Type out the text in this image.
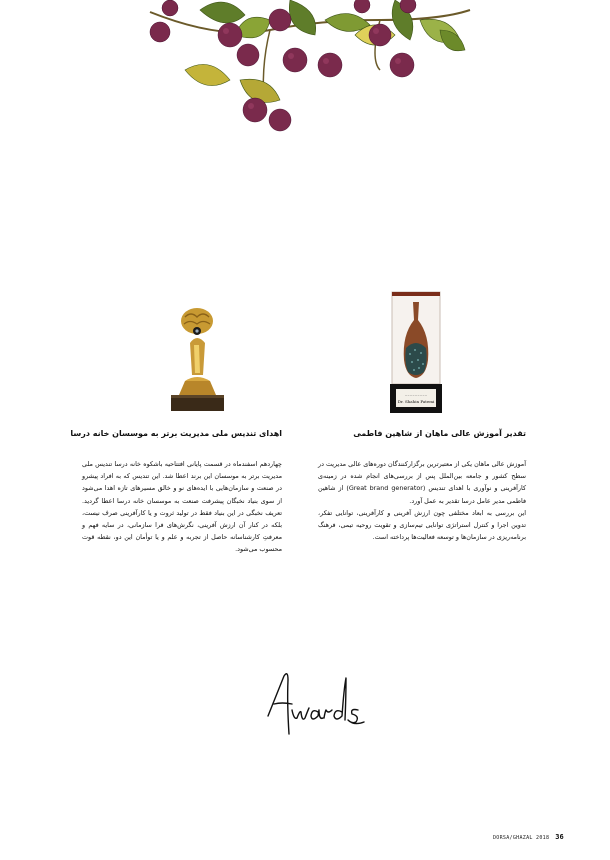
~~~~~~~~~
Dr. Shahin Fatemi
اهدای تندیس ملی مدیریت برتر به موسسان خانه درسا

چهاردهم اسفندماه در قسمت پایانی افتتاحیه باشکوه خانه درسا تندیس ملی مدیریت برتر به موسسان این برند اعطا شد. این تندیس که به افراد پیشرو در صنعت و سازمان‌هایی با ایده‌های نو و خالق مسیرهای تازه اهدا می‌شود از سوی بنیاد نخبگان پیشرفت صنعت به موسسان خانه درسا اعطا گردید. تعریف نخبگی در این بنیاد فقط در تولید ثروت و یا کارآفرینی صرف نیست، بلکه در کنار آن ارزش آفرینی، نگرش‌های فرا سازمانی، در سایه فهم و معرفتِ کارشناسانه حاصل از تجربه و علم و یا توأمان این دو، نقطه قوت محسوب می‌شود.

تقدیر آموزش عالی ماهان از شاهین فاطمی

آموزش عالی ماهان یکی از معتبرترین برگزارکنندگان دوره‌های عالی مدیریت در سطح کشور و جامعه بین‌الملل پس از بررسی‌های انجام شده در زمینه‌ی کارآفرینی و نوآوری با اهدای تندیس (Great brand generator) از شاهین فاطمی مدیر عامل درسا تقدیر به عمل آورد.

این بررسی به ابعاد مختلفی چون ارزش آفرینی و کارآفرینی، توانایی تفکر، تدوین اجرا و کنترل استراتژی توانایی تیم‌سازی و تقویت روحیه تیمی، فرهنگ برنامه‌ریزی در سازمان‌ها و توسعه فعالیت‌ها پرداخته است.

Awards
DORSA/GHAZAL 2018 36
